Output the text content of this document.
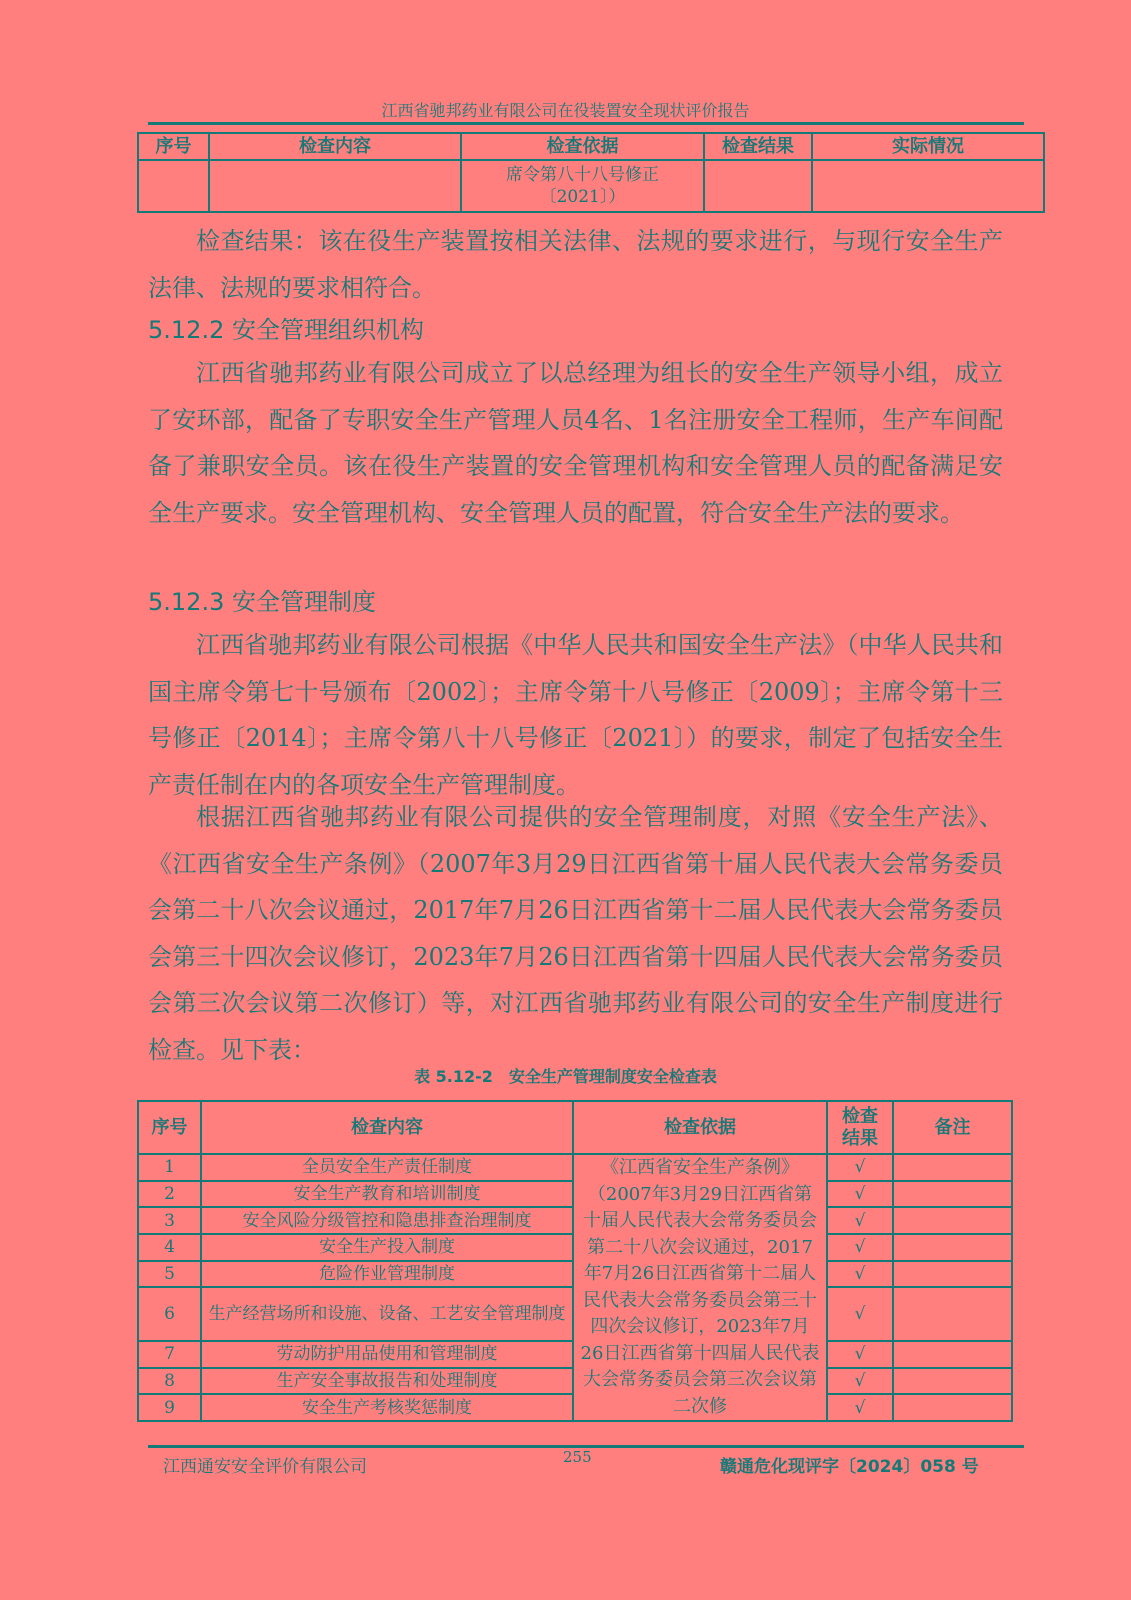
江西省驰邦药业有限公司在役装置安全现状评价报告
序号	检查内容	检查依据	检查结果	实际情况
		席令第八十八号修正〔2021〕）		
检查结果：该在役生产装置按相关法律、法规的要求进行，与现行安全生产法律、法规的要求相符合。
5.12.2 安全管理组织机构
江西省驰邦药业有限公司成立了以总经理为组长的安全生产领导小组，成立了安环部，配备了专职安全生产管理人员4名、1名注册安全工程师，生产车间配备了兼职安全员。该在役生产装置的安全管理机构和安全管理人员的配备满足安全生产要求。安全管理机构、安全管理人员的配置，符合安全生产法的要求。
5.12.3 安全管理制度
江西省驰邦药业有限公司根据《中华人民共和国安全生产法》（中华人民共和国主席令第七十号颁布〔2002〕；主席令第十八号修正〔2009〕；主席令第十三号修正〔2014〕；主席令第八十八号修正〔2021〕）的要求，制定了包括安全生产责任制在内的各项安全生产管理制度。
根据江西省驰邦药业有限公司提供的安全管理制度，对照《安全生产法》、《江西省安全生产条例》（2007年3月29日江西省第十届人民代表大会常务委员会第二十八次会议通过，2017年7月26日江西省第十二届人民代表大会常务委员会第三十四次会议修订，2023年7月26日江西省第十四届人民代表大会常务委员会第三次会议第二次修订）等，对江西省驰邦药业有限公司的安全生产制度进行检查。见下表：
表 5.12-2　安全生产管理制度安全检查表
序号	检查内容	检查依据	检查结果	备注
1	全员安全生产责任制度	《江西省安全生产条例》（2007年3月29日江西省第十届人民代表大会常务委员会第二十八次会议通过，2017年7月26日江西省第十二届人民代表大会常务委员会第三十四次会议修订，2023年7月26日江西省第十四届人民代表大会常务委员会第三次会议第二次修	√	
2	安全生产教育和培训制度		√	
3	安全风险分级管控和隐患排查治理制度		√	
4	安全生产投入制度		√	
5	危险作业管理制度		√	
6	生产经营场所和设施、设备、工艺安全管理制度		√	
7	劳动防护用品使用和管理制度		√	
8	生产安全事故报告和处理制度		√	
9	安全生产考核奖惩制度		√	
江西通安安全评价有限公司	255	赣通危化现评字〔2024〕058 号
